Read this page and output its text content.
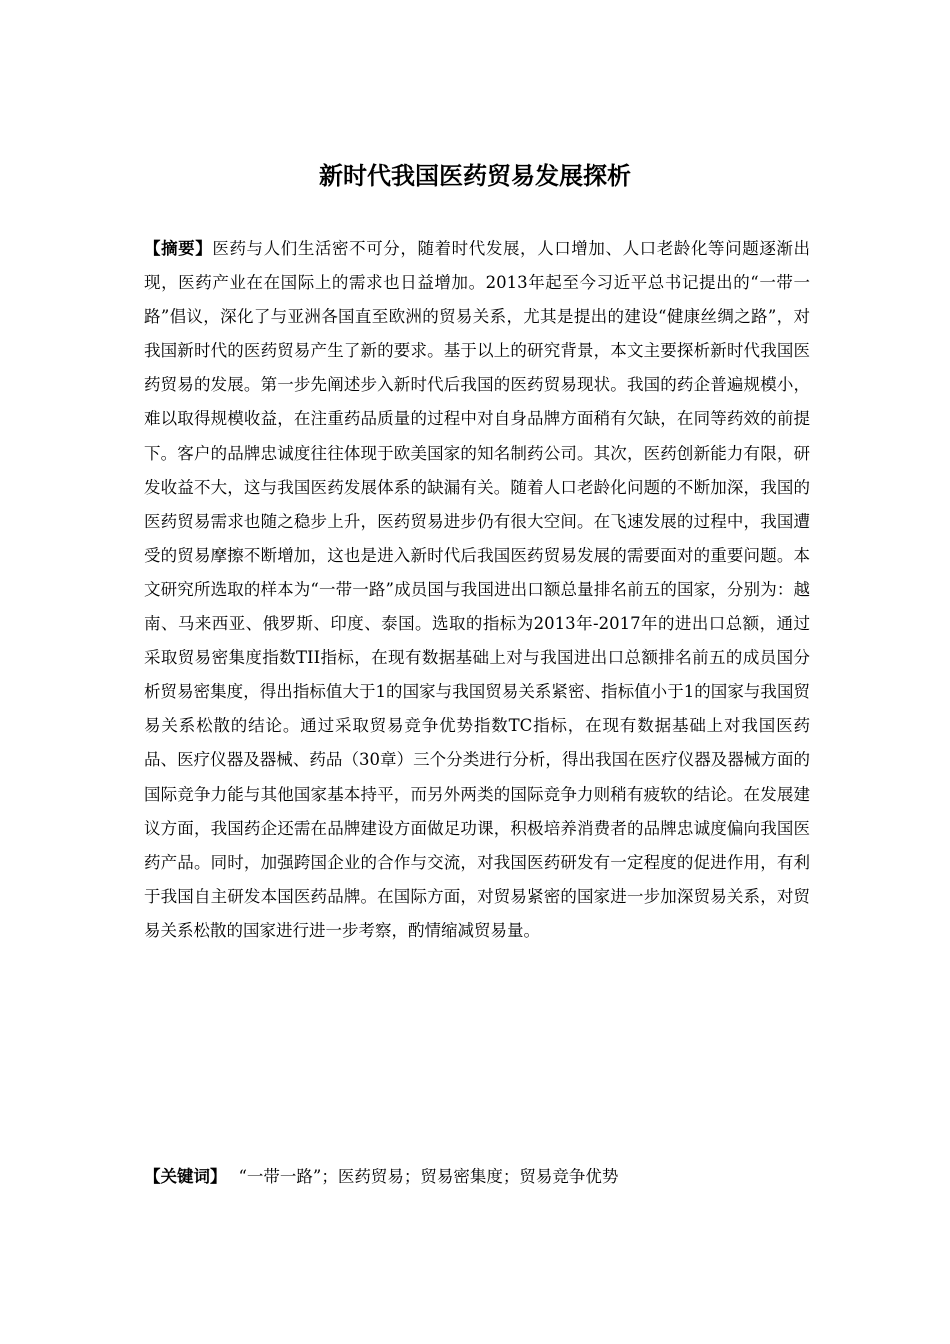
新时代我国医药贸易发展探析

【摘要】医药与人们生活密不可分，随着时代发展，人口增加、人口老龄化等问题逐渐出现，医药产业在在国际上的需求也日益增加。2013年起至今习近平总书记提出的“一带一路”倡议，深化了与亚洲各国直至欧洲的贸易关系，尤其是提出的建设“健康丝绸之路”，对我国新时代的医药贸易产生了新的要求。基于以上的研究背景，本文主要探析新时代我国医药贸易的发展。第一步先阐述步入新时代后我国的医药贸易现状。我国的药企普遍规模小，难以取得规模收益，在注重药品质量的过程中对自身品牌方面稍有欠缺，在同等药效的前提下。客户的品牌忠诚度往往体现于欧美国家的知名制药公司。其次，医药创新能力有限，研发收益不大，这与我国医药发展体系的缺漏有关。随着人口老龄化问题的不断加深，我国的医药贸易需求也随之稳步上升，医药贸易进步仍有很大空间。在飞速发展的过程中，我国遭受的贸易摩擦不断增加，这也是进入新时代后我国医药贸易发展的需要面对的重要问题。本文研究所选取的样本为“一带一路”成员国与我国进出口额总量排名前五的国家，分别为：越南、马来西亚、俄罗斯、印度、泰国。选取的指标为2013年-2017年的进出口总额，通过采取贸易密集度指数TII指标，在现有数据基础上对与我国进出口总额排名前五的成员国分析贸易密集度，得出指标值大于1的国家与我国贸易关系紧密、指标值小于1的国家与我国贸易关系松散的结论。通过采取贸易竞争优势指数TC指标，在现有数据基础上对我国医药品、医疗仪器及器械、药品（30章）三个分类进行分析，得出我国在医疗仪器及器械方面的国际竞争力能与其他国家基本持平，而另外两类的国际竞争力则稍有疲软的结论。在发展建议方面，我国药企还需在品牌建设方面做足功课，积极培养消费者的品牌忠诚度偏向我国医药产品。同时，加强跨国企业的合作与交流，对我国医药研发有一定程度的促进作用，有利于我国自主研发本国医药品牌。在国际方面，对贸易紧密的国家进一步加深贸易关系，对贸易关系松散的国家进行进一步考察，酌情缩减贸易量。

【关键词】 “一带一路”；医药贸易；贸易密集度；贸易竞争优势
